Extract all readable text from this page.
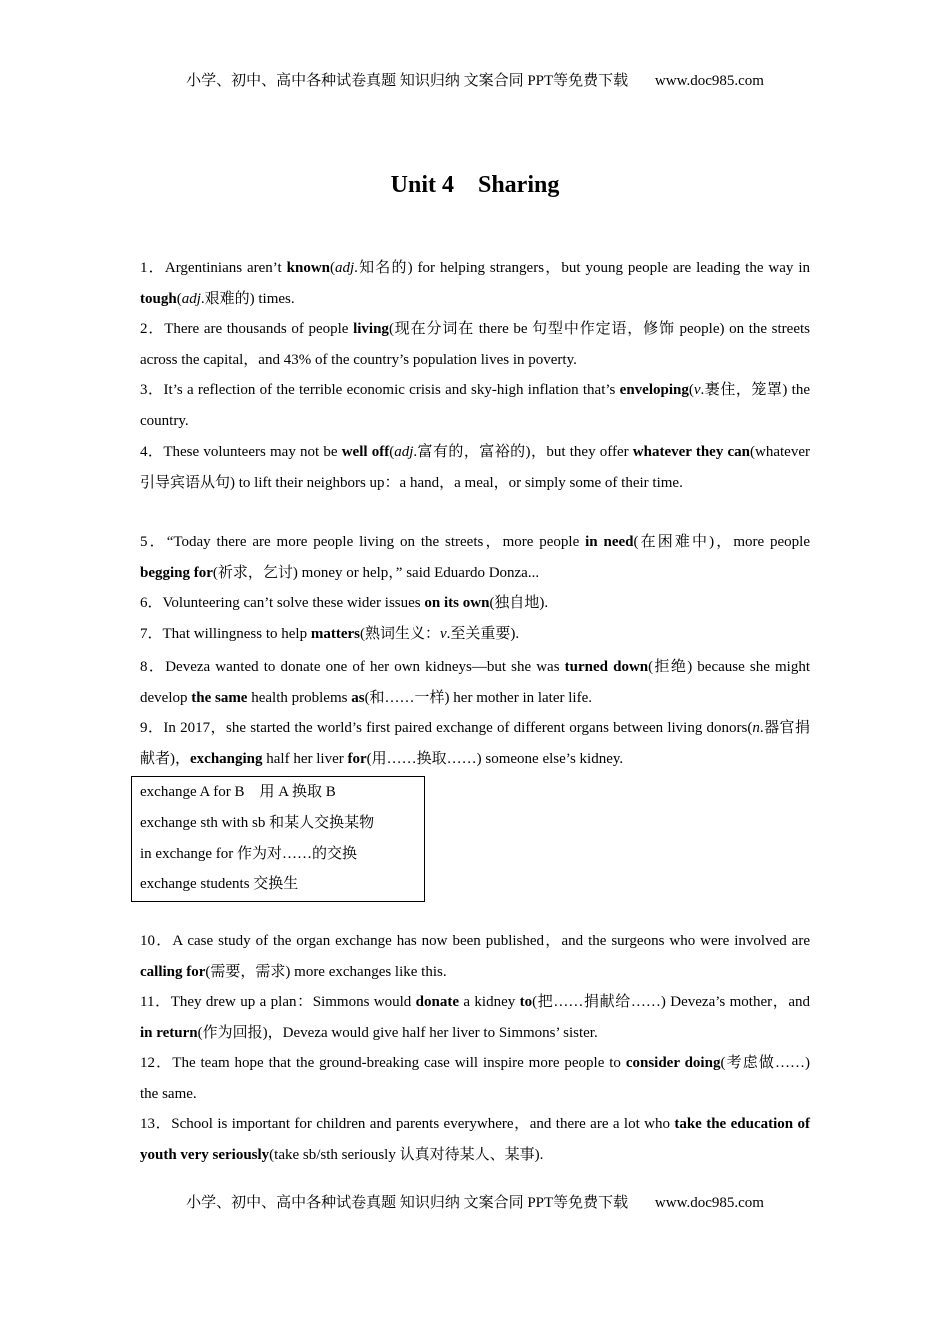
小学、初中、高中各种试卷真题 知识归纳 文案合同 PPT等免费下载 www.doc985.com
Unit 4 Sharing
1．Argentinians aren’t known(adj.知名的) for helping strangers，but young people are leading the way in tough(adj.艰难的) times.
2．There are thousands of people living(现在分词在 there be 句型中作定语，修饰 people) on the streets across the capital，and 43% of the country’s population lives in poverty.
3．It’s a reflection of the terrible economic crisis and sky-high inflation that’s enveloping(v.裹住，笼罩) the country.
4．These volunteers may not be well off(adj.富有的，富裕的)，but they offer whatever they can(whatever 引导宾语从句) to lift their neighbors up：a hand，a meal，or simply some of their time.
5．“Today there are more people living on the streets，more people in need(在困难中)，more people begging for(祈求，乞讨) money or help，” said Eduardo Donza...
6．Volunteering can’t solve these wider issues on its own(独自地).
7．That willingness to help matters(熟词生义：v.至关重要).
8．Deveza wanted to donate one of her own kidneys—but she was turned down(拒绝) because she might develop the same health problems as(和……一样) her mother in later life.
9．In 2017，she started the world’s first paired exchange of different organs between living donors(n.器官捐献者)，exchanging half her liver for(用……换取……) someone else’s kidney.
10．A case study of the organ exchange has now been published，and the surgeons who were involved are calling for(需要，需求) more exchanges like this.
11．They drew up a plan：Simmons would donate a kidney to(把……捐献给……) Deveza’s mother，and in return(作为回报)，Deveza would give half her liver to Simmons’ sister.
12．The team hope that the ground-breaking case will inspire more people to consider doing(考虑做……) the same.
13．School is important for children and parents everywhere，and there are a lot who take the education of youth very seriously(take sb/sth seriously 认真对待某人、某事).
exchange A for B　用 A 换取 B
exchange sth with sb 和某人交换某物
in exchange for 作为对……的交换
exchange students 交换生
小学、初中、高中各种试卷真题 知识归纳 文案合同 PPT等免费下载 www.doc985.com
